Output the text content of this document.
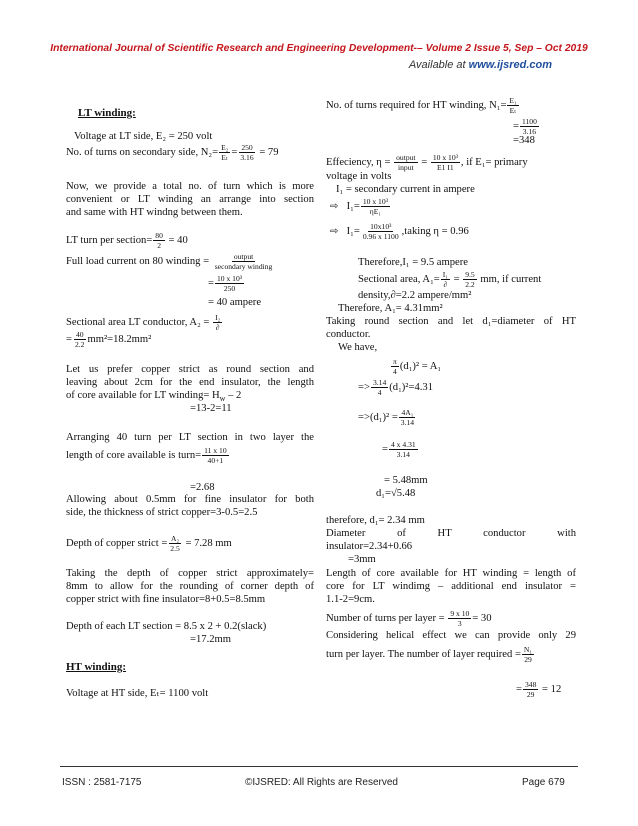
International Journal of Scientific Research and Engineering Development-– Volume 2 Issue 5, Sep – Oct 2019
Available at www.ijsred.com
LT winding:
Voltage at LT side, E₂ = 250 volt
No. of turns on secondary side, $N_2= \frac{\text{E₂}}{\text{Eₜ}} = \frac{250}{3.16} = 79$
Now, we provide a total no. of turn which is more
convenient or LT winding an arrange into section
and same with HT windng between them.
LT turn per section= $\frac{80}{2} = 40$
Full load current on 80 winding = $\frac{\text{output}}{\text{secondary winding}}$
= $\frac{\text{10 x 10³}}{250}$
= 40 ampere
Sectional area LT conductor, $A_2 = \frac{\text{I₂}}{\partial}$
= $\frac{40}{2.2} mm^2=18.2mm^2$
Let us prefer copper strict as round section and
leaving about 2cm for the end insulator, the length
of core available for LT winding= $H_w - 2$
=13-2=11
Arranging 40 turn per LT section in two layer the
length of core available is turn= $\frac{11 x 10}{40+1}$
=2.68
Allowing about 0.5mm for fine insulator for both
side, the thickness of strict copper=3-0.5=2.5
Depth of copper strict = $\frac{\text{A₂}}{2.5} = 7.28$ mm
Taking the depth of copper strict approximately=
8mm to allow for the rounding of corner depth of
copper strict with fine insulator=8+0.5=8.5mm
Depth of each LT section = 8.5 x 2 + 0.2(slack)
=17.2mm
HT winding:
Voltage at HT side, Eₜ= 1100 volt
No. of turns required for HT winding, $N_1= \frac{\text{E₁}}{\text{Eₜ}}$
= $\frac{1100}{3.16}$
=348
Effeciency, $\eta = \frac{\text{output}}{\text{input}} = \frac{\text{10 x 10³}}{E1 I1}$ , if E₁= primary
voltage in volts
I₁ = secondary current in ampere
⇨ $I_1= \frac{\text{10 x 10³}}{\text{ηE₁}}$
⇨ $I_1= \frac{\text{10x10³}}{0.96 x 1100}$ ,taking η = 0.96
Therefore,I₁ = 9.5 ampere
Sectional area, $A_1= \frac{\text{I₁}}{\partial} = \frac{9.5}{2.2}$ mm, if current
density,∂=2.2 ampere/mm²
Therefore, A₁= 4.31mm²
Taking round section and let d₁=diameter of HT
conductor.
We have,
$\frac{\pi}{4} (d_1)^2 = A_1$
=> $\frac{3.14}{4} (d_1)^2=4.31$
$=>(d_1)^2 = \frac{\text{4A₁}}{3.14}$
= $\frac{4 x 4.31}{3.14}$
= 5.48mm
d₁=√5.48
therefore, d₁= 2.34 mm
Diameter of HT conductor with
insulator=2.34+0.66
=3mm
Length of core available for HT winding = length of
core for LT windimg – additional end insulator =
1.1-2=9cm.
Number of turns per layer = $\frac{9 x 10}{3} = 30$
Considering helical effect we can provide only 29
turn per layer. The number of layer required = $\frac{\text{N₁}}{29}$
= $\frac{348}{29} = 12$
ISSN : 2581-7175	©IJSRED: All Rights are Reserved	Page 679
